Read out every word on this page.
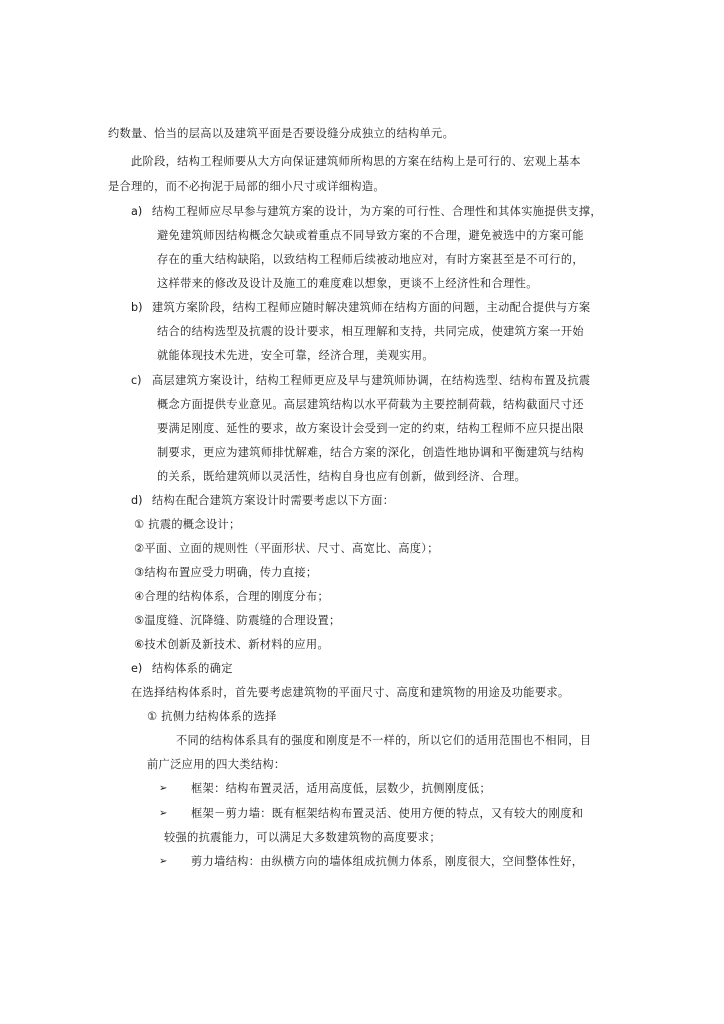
约数量、恰当的层高以及建筑平面是否要设缝分成独立的结构单元。

此阶段，结构工程师要从大方向保证建筑师所构思的方案在结构上是可行的、宏观上基本

是合理的，而不必拘泥于局部的细小尺寸或详细构造。

a) 结构工程师应尽早参与建筑方案的设计，为方案的可行性、合理性和其体实施提供支撑，

避免建筑师因结构概念欠缺或着重点不同导致方案的不合理，避免被选中的方案可能

存在的重大结构缺陷，以致结构工程师后续被动地应对，有时方案甚至是不可行的，

这样带来的修改及设计及施工的难度难以想象，更谈不上经济性和合理性。

b) 建筑方案阶段，结构工程师应随时解决建筑师在结构方面的问题，主动配合提供与方案

结合的结构选型及抗震的设计要求，相互理解和支持，共同完成，使建筑方案一开始

就能体现技术先进，安全可靠，经济合理，美观实用。

c) 高层建筑方案设计，结构工程师更应及早与建筑师协调，在结构选型、结构布置及抗震

概念方面提供专业意见。高层建筑结构以水平荷载为主要控制荷载，结构截面尺寸还

要满足刚度、延性的要求，故方案设计会受到一定的约束，结构工程师不应只提出限

制要求，更应为建筑师排忧解难，结合方案的深化，创造性地协调和平衡建筑与结构

的关系，既给建筑师以灵活性，结构自身也应有创新，做到经济、合理。

d) 结构在配合建筑方案设计时需要考虑以下方面：

① 抗震的概念设计；

②平面、立面的规则性（平面形状、尺寸、高宽比、高度）；

③结构布置应受力明确，传力直接；

④合理的结构体系，合理的刚度分布；

⑤温度缝、沉降缝、防震缝的合理设置；

⑥技术创新及新技术、新材料的应用。

e) 结构体系的确定

在选择结构体系时，首先要考虑建筑物的平面尺寸、高度和建筑物的用途及功能要求。

① 抗侧力结构体系的选择

不同的结构体系具有的强度和刚度是不一样的，所以它们的适用范围也不相同，目

前广泛应用的四大类结构：

➢ 框架：结构布置灵活，适用高度低，层数少，抗侧刚度低；

➢ 框架－剪力墙：既有框架结构布置灵活、使用方便的特点，又有较大的刚度和

较强的抗震能力，可以满足大多数建筑物的高度要求；

➢ 剪力墙结构：由纵横方向的墙体组成抗侧力体系，刚度很大，空间整体性好，
